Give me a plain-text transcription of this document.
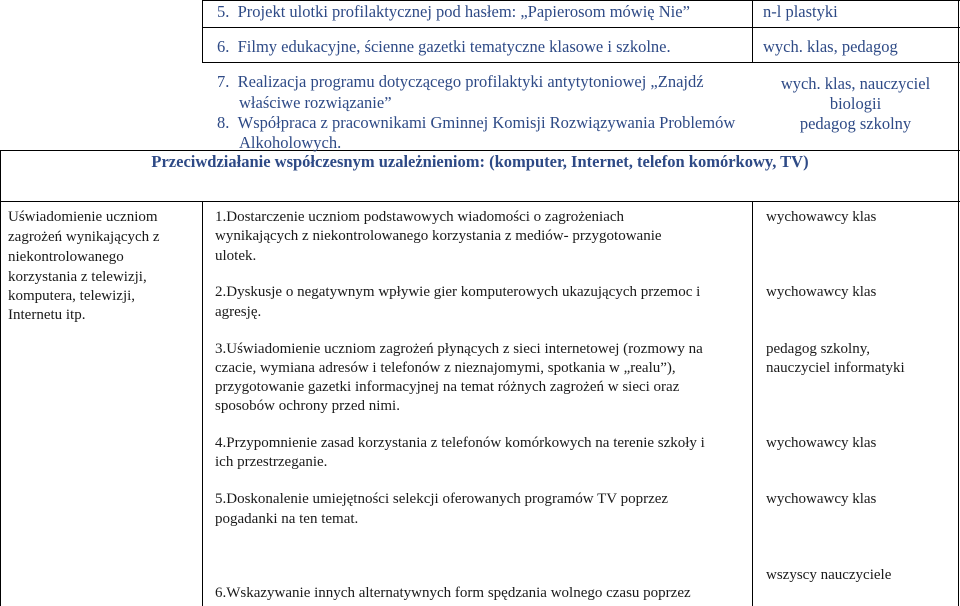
5.  Projekt ulotki profilaktycznej pod hasłem: „Papierosom mówię Nie”	n-l plastyki
6.  Filmy edukacyjne, ścienne gazetki tematyczne klasowe i szkolne.	wych. klas, pedagog
7.  Realizacja programu dotyczącego profilaktyki antytytoniowej „Znajdź
właściwe rozwiązanie”
8.  Współpraca z pracownikami Gminnej Komisji Rozwiązywania Problemów
Alkoholowych.
wych. klas, nauczyciel
biologii
pedagog szkolny
Przeciwdziałanie współczesnym uzależnieniom: (komputer, Internet, telefon komórkowy, TV)
Uświadomienie uczniom
zagrożeń wynikających z
niekontrolowanego
korzystania z telewizji,
komputera, telewizji,
Internetu itp.
1.Dostarczenie uczniom podstawowych wiadomości o zagrożeniach
wynikających z niekontrolowanego korzystania z mediów- przygotowanie
ulotek.
wychowawcy klas
2.Dyskusje o negatywnym wpływie gier komputerowych ukazujących przemoc i
agresję.
wychowawcy klas
3.Uświadomienie uczniom zagrożeń płynących z sieci internetowej (rozmowy na
czacie, wymiana adresów i telefonów z nieznajomymi, spotkania w „realu”),
przygotowanie gazetki informacyjnej na temat różnych zagrożeń w sieci oraz
sposobów ochrony przed nimi.
pedagog szkolny,
nauczyciel informatyki
4.Przypomnienie zasad korzystania z telefonów komórkowych na terenie szkoły i
ich przestrzeganie.
wychowawcy klas
5.Doskonalenie umiejętności selekcji oferowanych programów TV poprzez
pogadanki na ten temat.
wychowawcy klas
6.Wskazywanie innych alternatywnych form spędzania wolnego czasu poprzez
wszyscy nauczyciele
